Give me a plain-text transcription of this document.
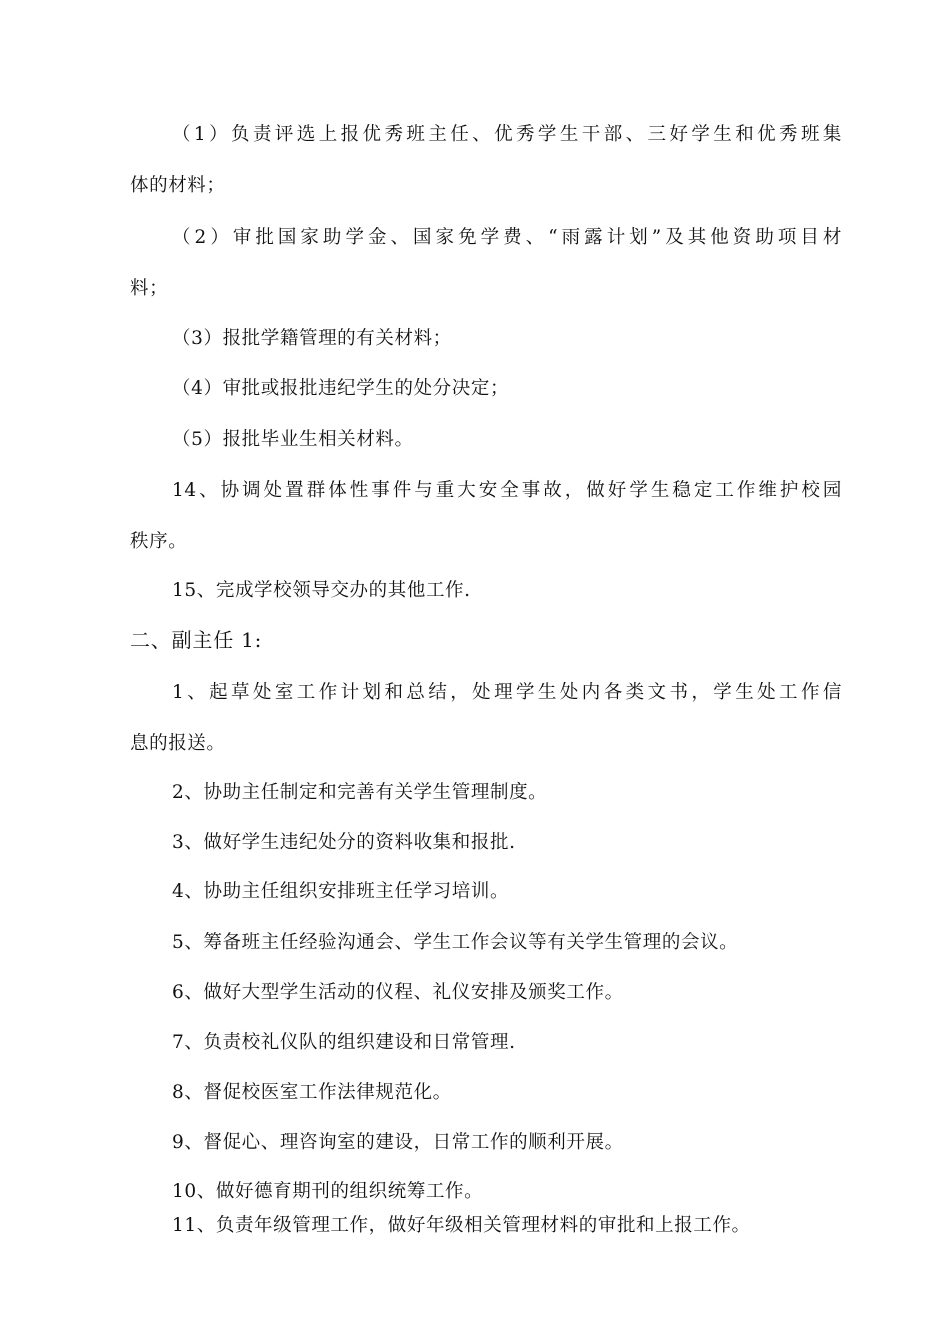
（1）负责评选上报优秀班主任、优秀学生干部、三好学生和优秀班集
体的材料；
（2）审批国家助学金、国家免学费、“雨露计划”及其他资助项目材
料；
（3）报批学籍管理的有关材料；
（4）审批或报批违纪学生的处分决定；
（5）报批毕业生相关材料。
14、协调处置群体性事件与重大安全事故，做好学生稳定工作维护校园
秩序。
15、完成学校领导交办的其他工作.
二、副主任 1:
1、起草处室工作计划和总结，处理学生处内各类文书，学生处工作信
息的报送。
2、协助主任制定和完善有关学生管理制度。
3、做好学生违纪处分的资料收集和报批.
4、协助主任组织安排班主任学习培训。
5、筹备班主任经验沟通会、学生工作会议等有关学生管理的会议。
6、做好大型学生活动的仪程、礼仪安排及颁奖工作。
7、负责校礼仪队的组织建设和日常管理.
8、督促校医室工作法律规范化。
9、督促心、理咨询室的建设，日常工作的顺利开展。
10、做好德育期刊的组织统筹工作。
11、负责年级管理工作，做好年级相关管理材料的审批和上报工作。
